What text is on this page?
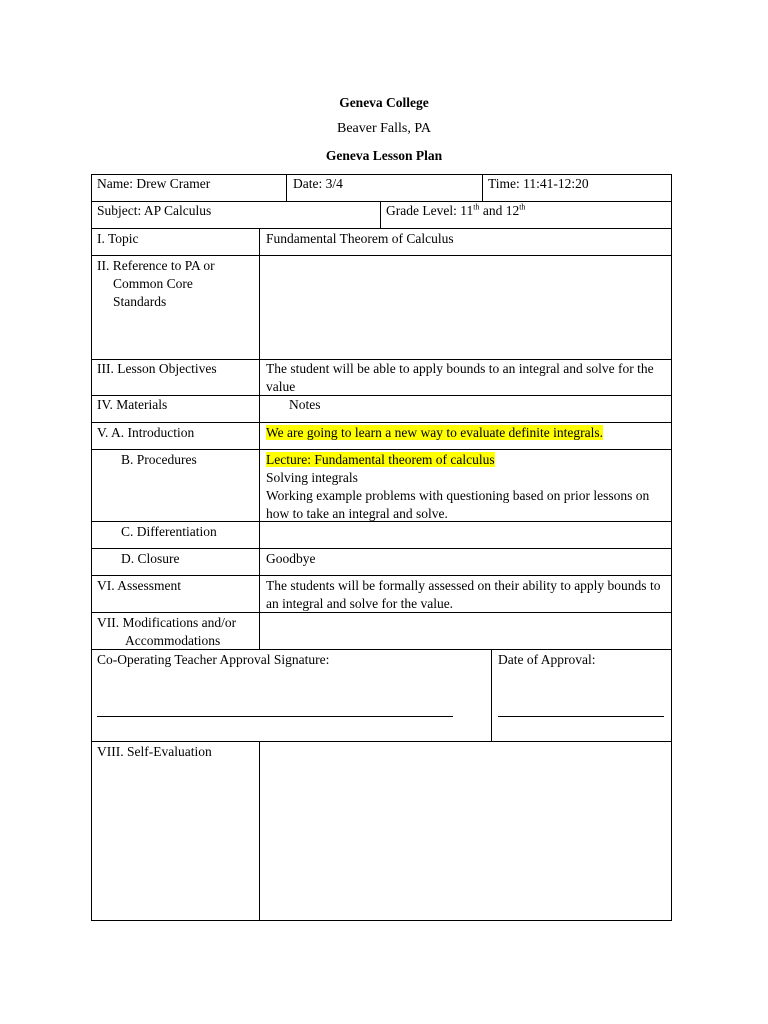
Geneva College
Beaver Falls, PA
Geneva Lesson Plan
Name: Drew Cramer	Date: 3/4	Time: 11:41-12:20
Subject: AP Calculus	Grade Level: 11th and 12th
I. Topic	Fundamental Theorem of Calculus
II. Reference to PA or
Common Core
Standards
III. Lesson Objectives	The student will be able to apply bounds to an integral and solve for the value
IV. Materials	Notes
V. A. Introduction	We are going to learn a new way to evaluate definite integrals.
B. Procedures	Lecture: Fundamental theorem of calculus
Solving integrals
Working example problems with questioning based on prior lessons on how to take an integral and solve.
C. Differentiation
D. Closure	Goodbye
VI. Assessment	The students will be formally assessed on their ability to apply bounds to an integral and solve for the value.
VII. Modifications and/or
Accommodations
Co-Operating Teacher Approval Signature:	Date of Approval:
VIII. Self-Evaluation
